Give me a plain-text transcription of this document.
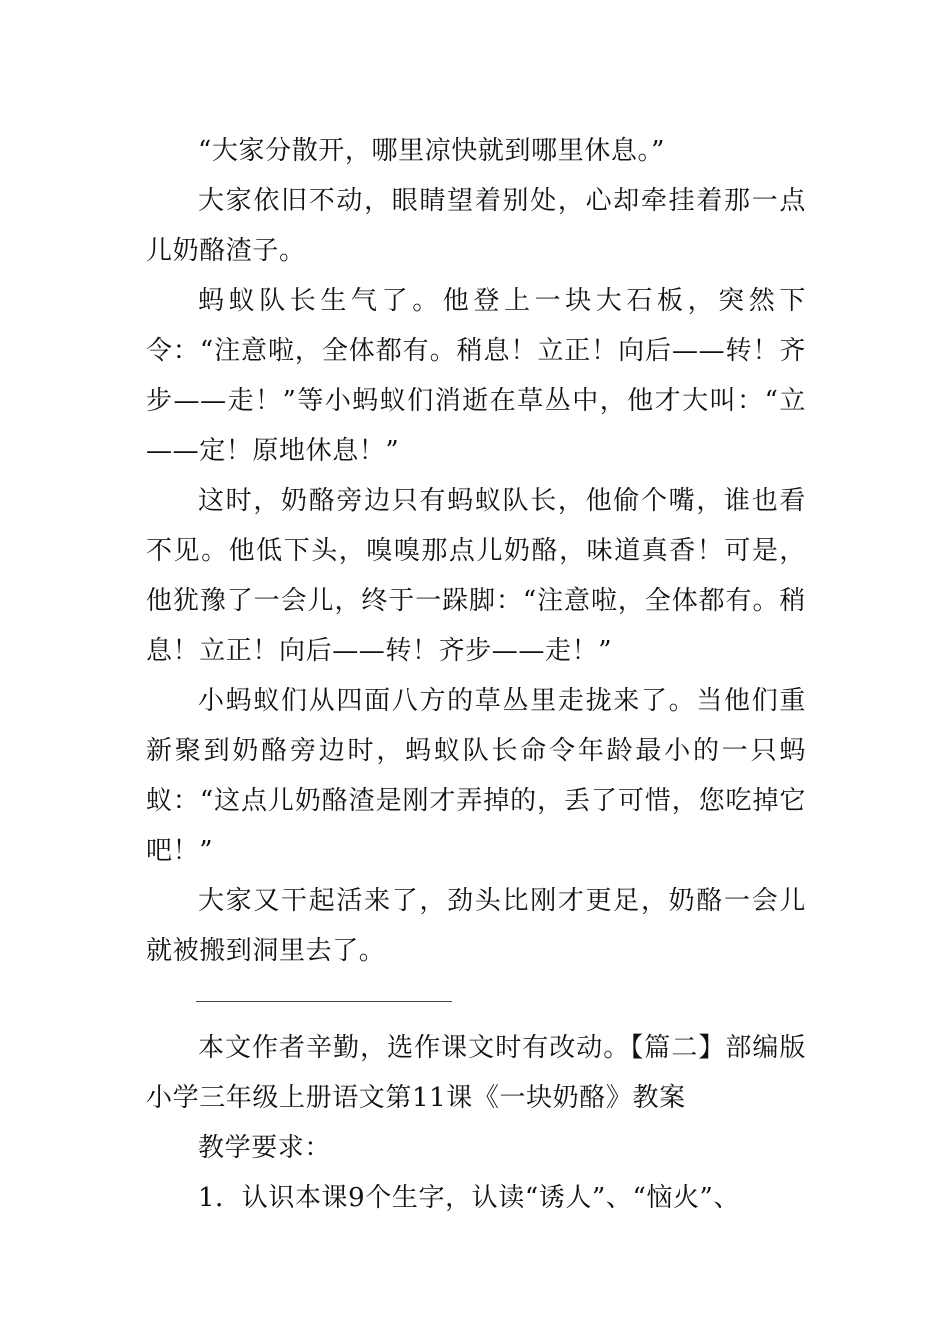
“大家分散开，哪里凉快就到哪里休息。”

大家依旧不动，眼睛望着别处，心却牵挂着那一点儿奶酪渣子。

蚂蚁队长生气了。他登上一块大石板，突然下令：“注意啦，全体都有。稍息！立正！向后——转！齐步——走！”等小蚂蚁们消逝在草丛中，他才大叫：“立——定！原地休息！”

这时，奶酪旁边只有蚂蚁队长，他偷个嘴，谁也看不见。他低下头，嗅嗅那点儿奶酪，味道真香！可是，他犹豫了一会儿，终于一跺脚：“注意啦，全体都有。稍息！立正！向后——转！齐步——走！”

小蚂蚁们从四面八方的草丛里走拢来了。当他们重新聚到奶酪旁边时，蚂蚁队长命令年龄最小的一只蚂蚁：“这点儿奶酪渣是刚才弄掉的，丢了可惜，您吃掉它吧！”

大家又干起活来了，劲头比刚才更足，奶酪一会儿就被搬到洞里去了。

本文作者辛勤，选作课文时有改动。【篇二】部编版小学三年级上册语文第11课《一块奶酪》教案

教学要求：

1．认识本课9个生字，认读“诱人”、“恼火”、
